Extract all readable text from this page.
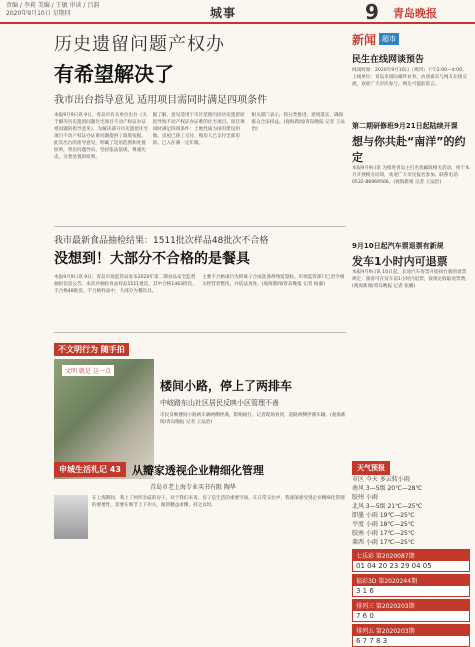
责编 / 李莉 美编 / 王敏 审读 / 吕韵
2020年9月10日 星期四	城事	9 青岛晚报
历史遗留问题产权办
有希望解决了
我市出台指导意见 适用项目需同时满足四项条件
本报9月9日讯 9日，青岛市有关单位出台《关于解决历史遗留问题住宅项目不动产权证办证难问题的指导意见》，为解决部分历史遗留住宅项目不动产权证办证难问题提供了政策依据。此次出台的指导意见，明确了适用范围和处置原则，突出问题导向，坚持依法依规、尊重历史、分类处置的原则。
据了解，意见适用于市区范围内因历史遗留原因导致不动产权证办证难的住宅项目。项目须同时满足四项条件：土地性质为国有建设用地、房屋已竣工交付、购房人已支付全部房款、已入住满一定年限。
相关部门表示，将分类推进、逐项落实，确保群众合法权益。(观海新闻/青岛晚报 记者 王法治)
我市最新食品抽检结果：1511批次样品48批次不合格
没想到！大部分不合格的是餐具
本报9月9日讯 9日，青岛市场监管局发布2020年第二期食品安全监督抽检信息公告。本次共抽检食品样品1511批次，其中合格1463批次，不合格48批次。不合格样品中，大部分为餐饮具。
主要不合格项目为阴离子合成洗涤剂残留超标。市场监管部门已责令相关经营者整改，并依法查处。(观海新闻/青岛晚报 记者 杨谦)
不文明行为 随手拍
文明 就是 这一点
楼间小路，停上了两排车
中岐路东山社区居民反映小区管理不善
市民反映楼间小路被车辆两侧停满，影响通行。记者现场看到，道路两侧停满车辆。(观海新闻/青岛晚报 记者 王法治)
申城生活札记 43	从瓣家透视企业精细化管理
青岛市老上海专业买书有限 陶华
在上海期间，我上了两所亲戚的房子。对于我们来说，房子是生活的重要空间。在日常交往中，我深深感受到企业精细化管理的重要性，需要在细节上下功夫，做到精益求精、持之以恒。
新闻 超市
民生在线网谈预告
网谈时间：2020年9月10日（周四）下午2:00—4:00。上线单位：青岛市国际邮件业务，访谈嘉宾与网友在线交流，欢迎广大市民参与。网友可提前留言。
第二期研修班9月21日起陆续开课
想与你共赴“南洋”的约定
本报9月9日讯 为推进青岛主打名优邮政相关活动，将于本月开展相关培训，欢迎广大市民报名参加。联系电话：0532-86969566。(观海新闻 记者 王法治)
9月10日起汽车票退票有新规
发车1小时内可退票
本报9月9日讯 10日起，长途汽车客票开始执行新的退票规定：旅客可在发车前1小时内退票，按规定收取退票费。(观海新闻/青岛晚报 记者 张璐)
天气预报
市区 今天 多云转小雨
南风 3—5级 20℃—28℃
胶州 小雨
北风 3—5级 21℃—25℃
即墨 小雨 19℃—25℃
平度 小雨 18℃—25℃
胶南 小雨 17℃—25℃
莱西 小雨 17℃—25℃
七乐彩 第2020087期
01 04 20 23 29 04 05
福彩3D 第2020244期
3 1 6
排列三 第2020203期
7 6 0
排列五 第2020203期
6 7 7 8 3
